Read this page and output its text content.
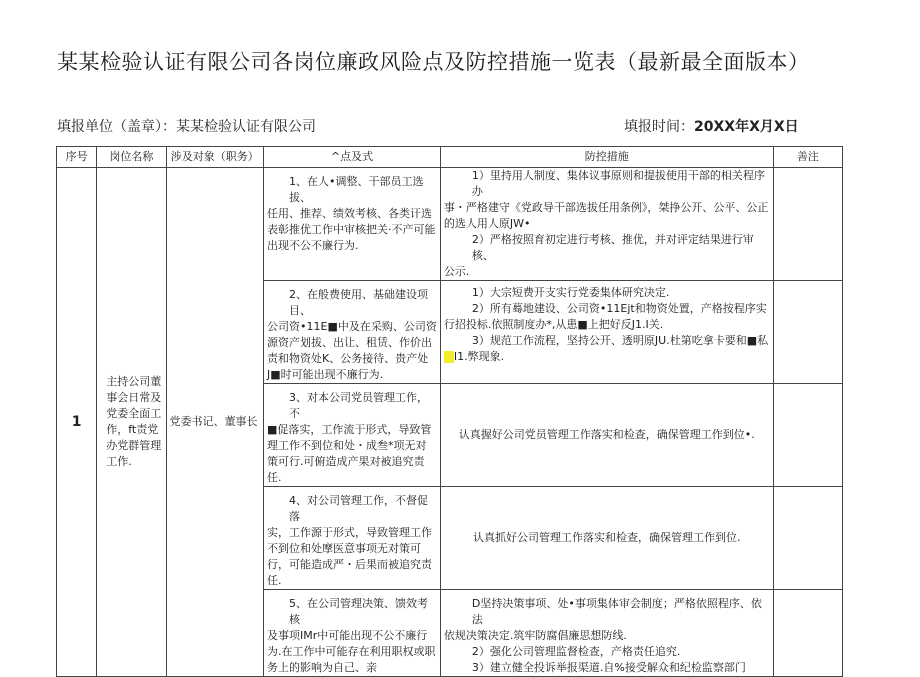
某某检验认证有限公司各岗位廉政风险点及防控措施一览表（最新最全面版本）
填报单位（盖章）：某某检验认证有限公司	填报时间：20XX年X月X日
序号	岗位名称	涉及对象（职务）	^点及式	防控措施	善注
1	主持公司董事会日常及党委全面工作，ft责党办党群管理工作.	党委书记、董事长	1、在人•调整、干部员工选拔、任用、推荐、绩效考核、各类讦选表彰推优工作中审核把关·不产可能出现不公不廉行为.	1）里持用人制度、集体议事原则和提拔使用干部的相关程序办事・严格建守《党政导干部选拔任用条例》，桀挣公开、公平、公正的选人用人原JW•
2）严格按照育初定进行考核、推优，并对评定结果进行审核、公示.	

			2、在般费使用、基础建设项目、公司资•11E■中及在采购、公司资源资产划拔、出让、租赁、作价出责和物资处K、公务接待、贵产处J■时可能出现不廉行为.	1）大宗短费开支实行党委集体研究决定.
2）所有蓦地建设、公司资•11Ejt和物资处置，产格按程序实行招投标.依照制度办*,从患■上把好反J1.I关.
3）规范工作流程，坚持公开、透明原JU.杜第吃拿卡要和■私I1.弊现象.	

			3、对本公司党员管理工作，不■促落实，工作流于形式，导致管理工作不到位和处・成叁*项无对策可行.可俯造成产果对被追究责任.	认真握好公司党员管理工作落实和检查，确保管理工作到位•.	

			4、对公司管理工作，不督促落实，工作源于形式，导致管理工作不到位和处摩医意事项无对策可行，可能造成严・后果而被追究责任.	认真抓好公司管理工作落实和检查，确保管理工作到位.	

			5、在公司管理决策、馈效考核及事项IMr中可能出现不公不廉行为.在工作中可能存在利用职权或职务上的影响为自己、亲	D坚持决策事项、处•事项集体审会制度；严格依照程序、依法依规决策决定.筑牢防腐倡廉思想防线.
2）强化公司管理监督检查，产格责任追究.
3）建立健全投诉举报渠道.自%接受解众和纪检监察部门	
